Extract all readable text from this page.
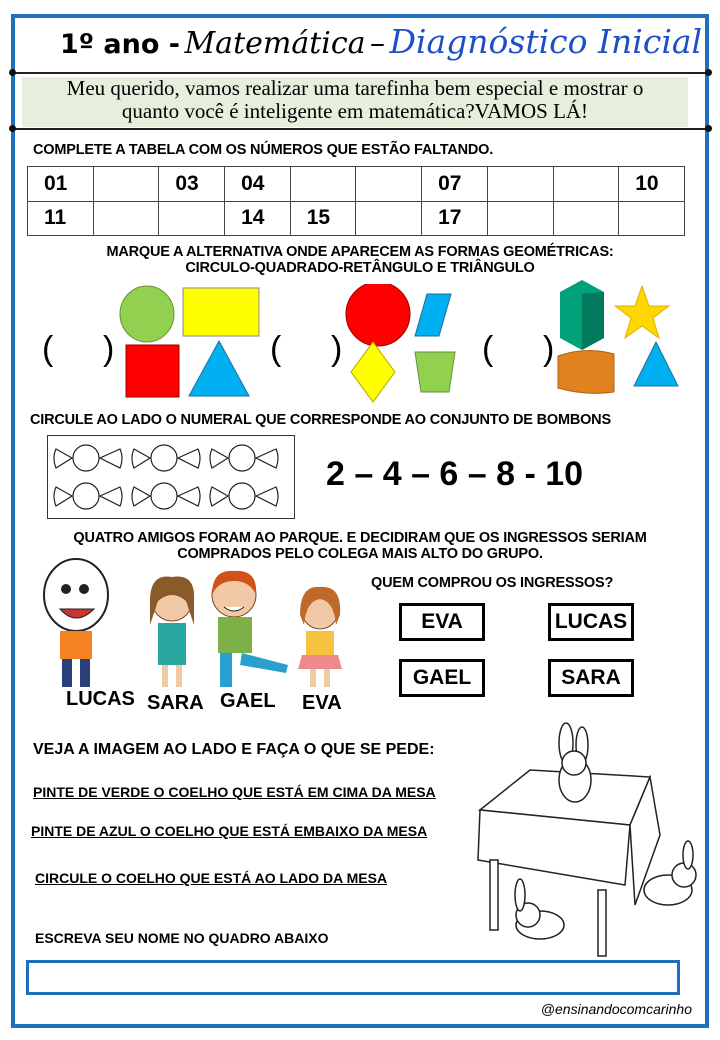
1º ano - Matemática – Diagnóstico Inicial
Meu querido, vamos realizar uma tarefinha bem especial e mostrar o
quanto você é inteligente em matemática?VAMOS LÁ!
COMPLETE A TABELA COM OS NÚMEROS QUE ESTÃO FALTANDO.
01		03	04			07			10
11			14	15		17			
MARQUE A ALTERNATIVA ONDE APARECEM AS FORMAS GEOMÉTRICAS:
CIRCULO-QUADRADO-RETÂNGULO E TRIÂNGULO
( )	( )	( )
CIRCULE AO LADO O NUMERAL QUE CORRESPONDE AO CONJUNTO DE BOMBONS
2 – 4 – 6 – 8 - 10
QUATRO AMIGOS FORAM AO PARQUE. E DECIDIRAM QUE OS INGRESSOS SERIAM
COMPRADOS PELO COLEGA MAIS ALTO DO GRUPO.
LUCAS SARA GAEL EVA
QUEM COMPROU OS INGRESSOS?
EVA	LUCAS
GAEL	SARA
VEJA A IMAGEM AO LADO E FAÇA O QUE SE PEDE:
PINTE DE VERDE O COELHO QUE ESTÁ EM CIMA DA MESA
PINTE DE AZUL O COELHO QUE ESTÁ EMBAIXO DA MESA
CIRCULE O COELHO QUE ESTÁ AO LADO DA MESA
ESCREVA SEU NOME NO QUADRO ABAIXO
@ensinandocomcarinho
